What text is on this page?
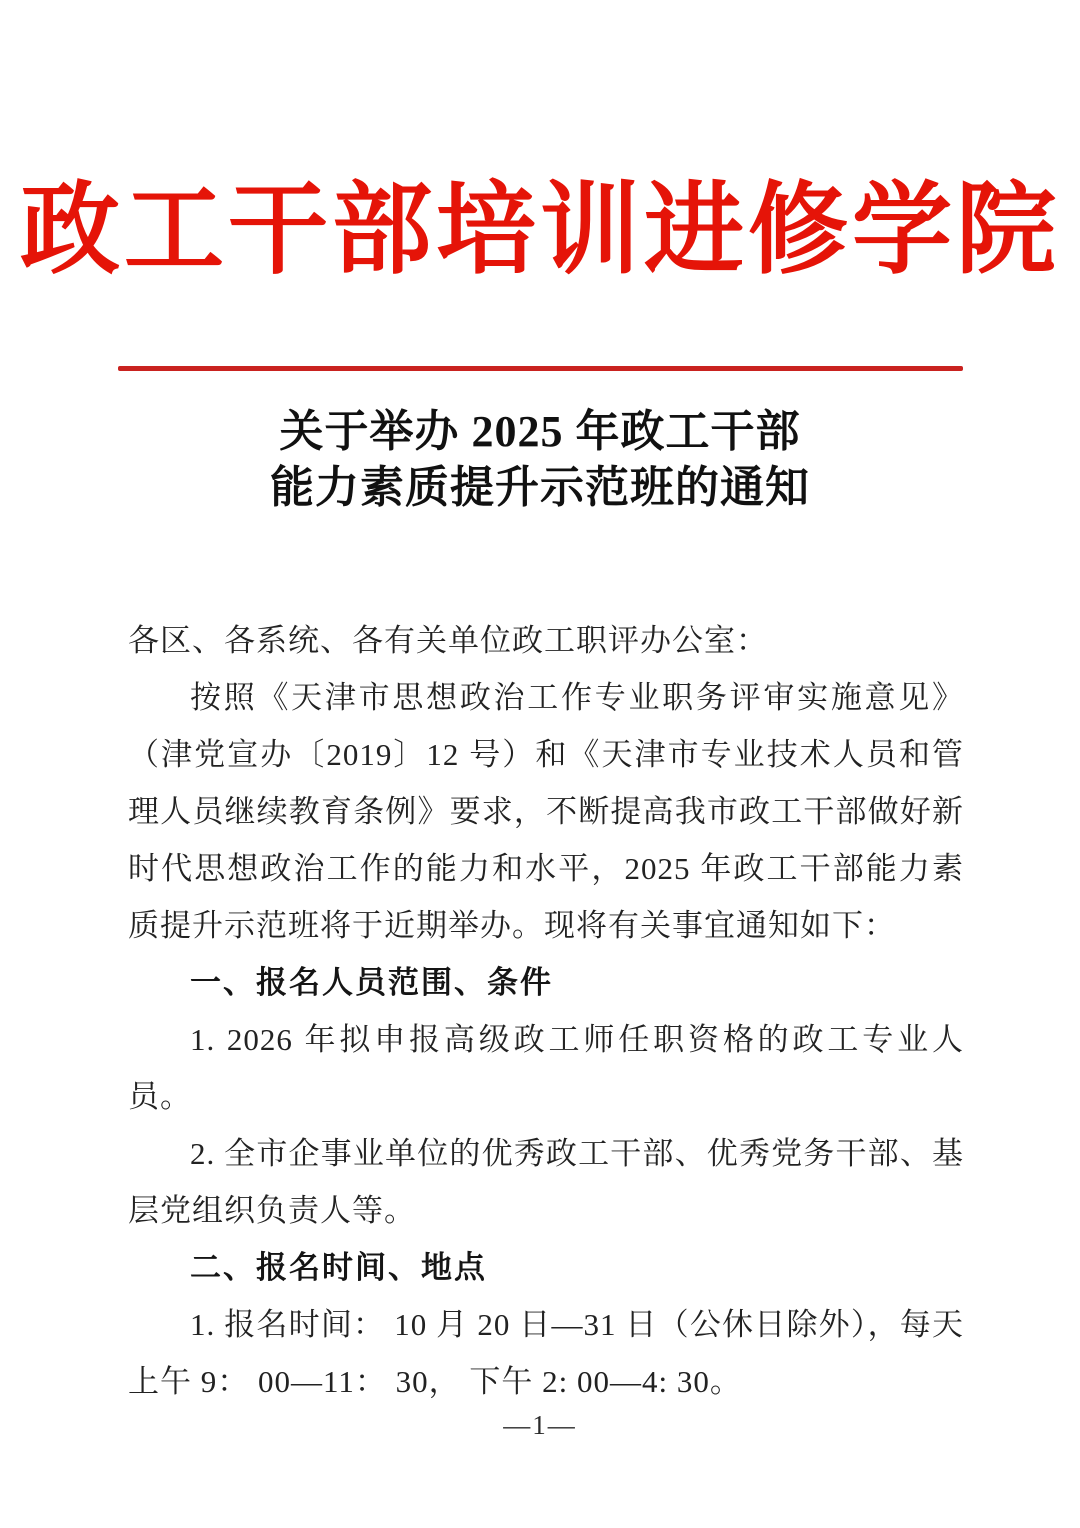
政工干部培训进修学院
关于举办 2025 年政工干部
能力素质提升示范班的通知

各区、各系统、各有关单位政工职评办公室：

按照《天津市思想政治工作专业职务评审实施意见》（津党宣办〔2019〕12 号）和《天津市专业技术人员和管理人员继续教育条例》要求，不断提高我市政工干部做好新时代思想政治工作的能力和水平，2025 年政工干部能力素质提升示范班将于近期举办。现将有关事宜通知如下：

一、报名人员范围、条件

1. 2026 年拟申报高级政工师任职资格的政工专业人员。

2. 全市企事业单位的优秀政工干部、优秀党务干部、基层党组织负责人等。

二、报名时间、地点

1. 报名时间： 10 月 20 日—31 日（公休日除外），每天上午 9： 00—11： 30， 下午 2: 00—4: 30。

—1—
